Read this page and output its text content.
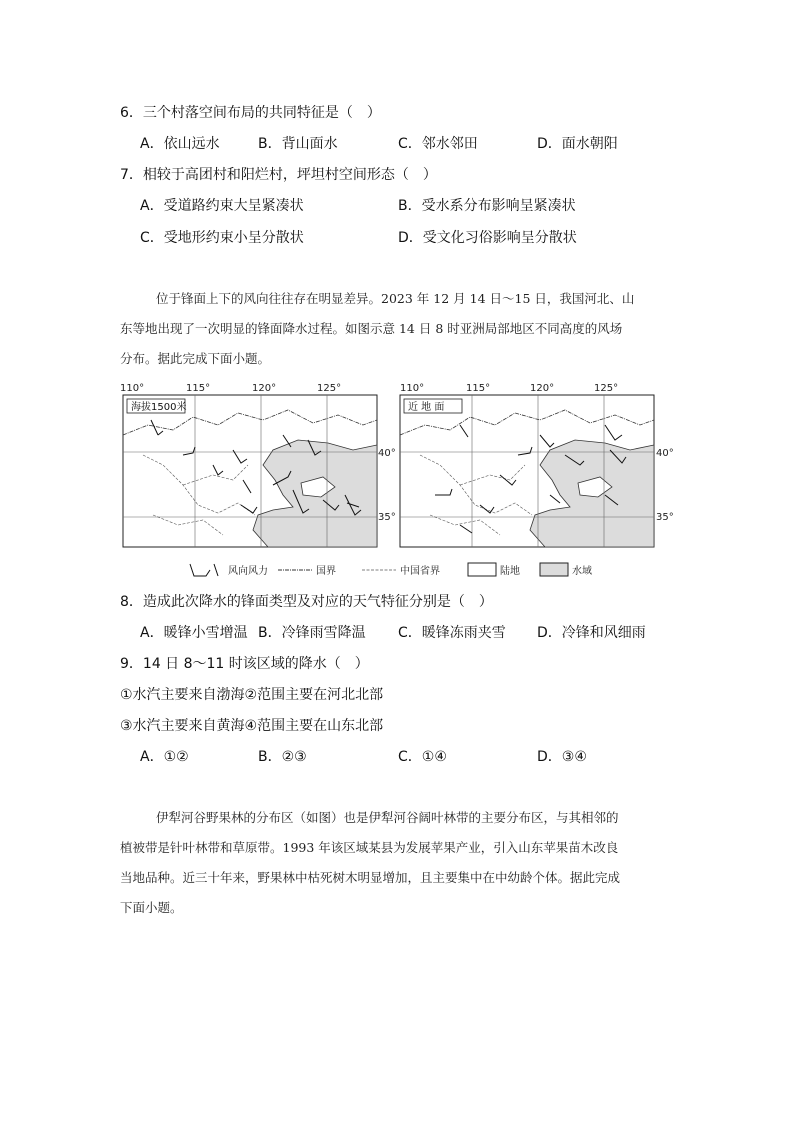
6．三个村落空间布局的共同特征是（　）
A．依山远水	B．背山面水	C．邻水邻田	D．面水朝阳
7．相较于高团村和阳烂村，坪坦村空间形态（　）
A．受道路约束大呈紧凑状	B．受水系分布影响呈紧凑状
C．受地形约束小呈分散状	D．受文化习俗影响呈分散状
位于锋面上下的风向往往存在明显差异。2023 年 12 月 14 日～15 日，我国河北、山
东等地出现了一次明显的锋面降水过程。如图示意 14 日 8 时亚洲局部地区不同高度的风场
分布。据此完成下面小题。
110°	115°	120°	125°
海拔1500米
110°	115°	120°	125°
近 地 面
40°
35°
40°
35°
风向风力	国界	中国省界	陆地	水域
8．造成此次降水的锋面类型及对应的天气特征分别是（　）
A．暖锋小雪增温 B．冷锋雨雪降温 C．暖锋冻雨夹雪 D．冷锋和风细雨
9．14 日 8～11 时该区域的降水（　）
①水汽主要来自渤海②范围主要在河北北部
③水汽主要来自黄海④范围主要在山东北部
A．①②	B．②③	C．①④	D．③④
伊犁河谷野果林的分布区（如图）也是伊犁河谷阔叶林带的主要分布区，与其相邻的
植被带是针叶林带和草原带。1993 年该区域某县为发展苹果产业，引入山东苹果苗木改良
当地品种。近三十年来，野果林中枯死树木明显增加，且主要集中在中幼龄个体。据此完成
下面小题。
